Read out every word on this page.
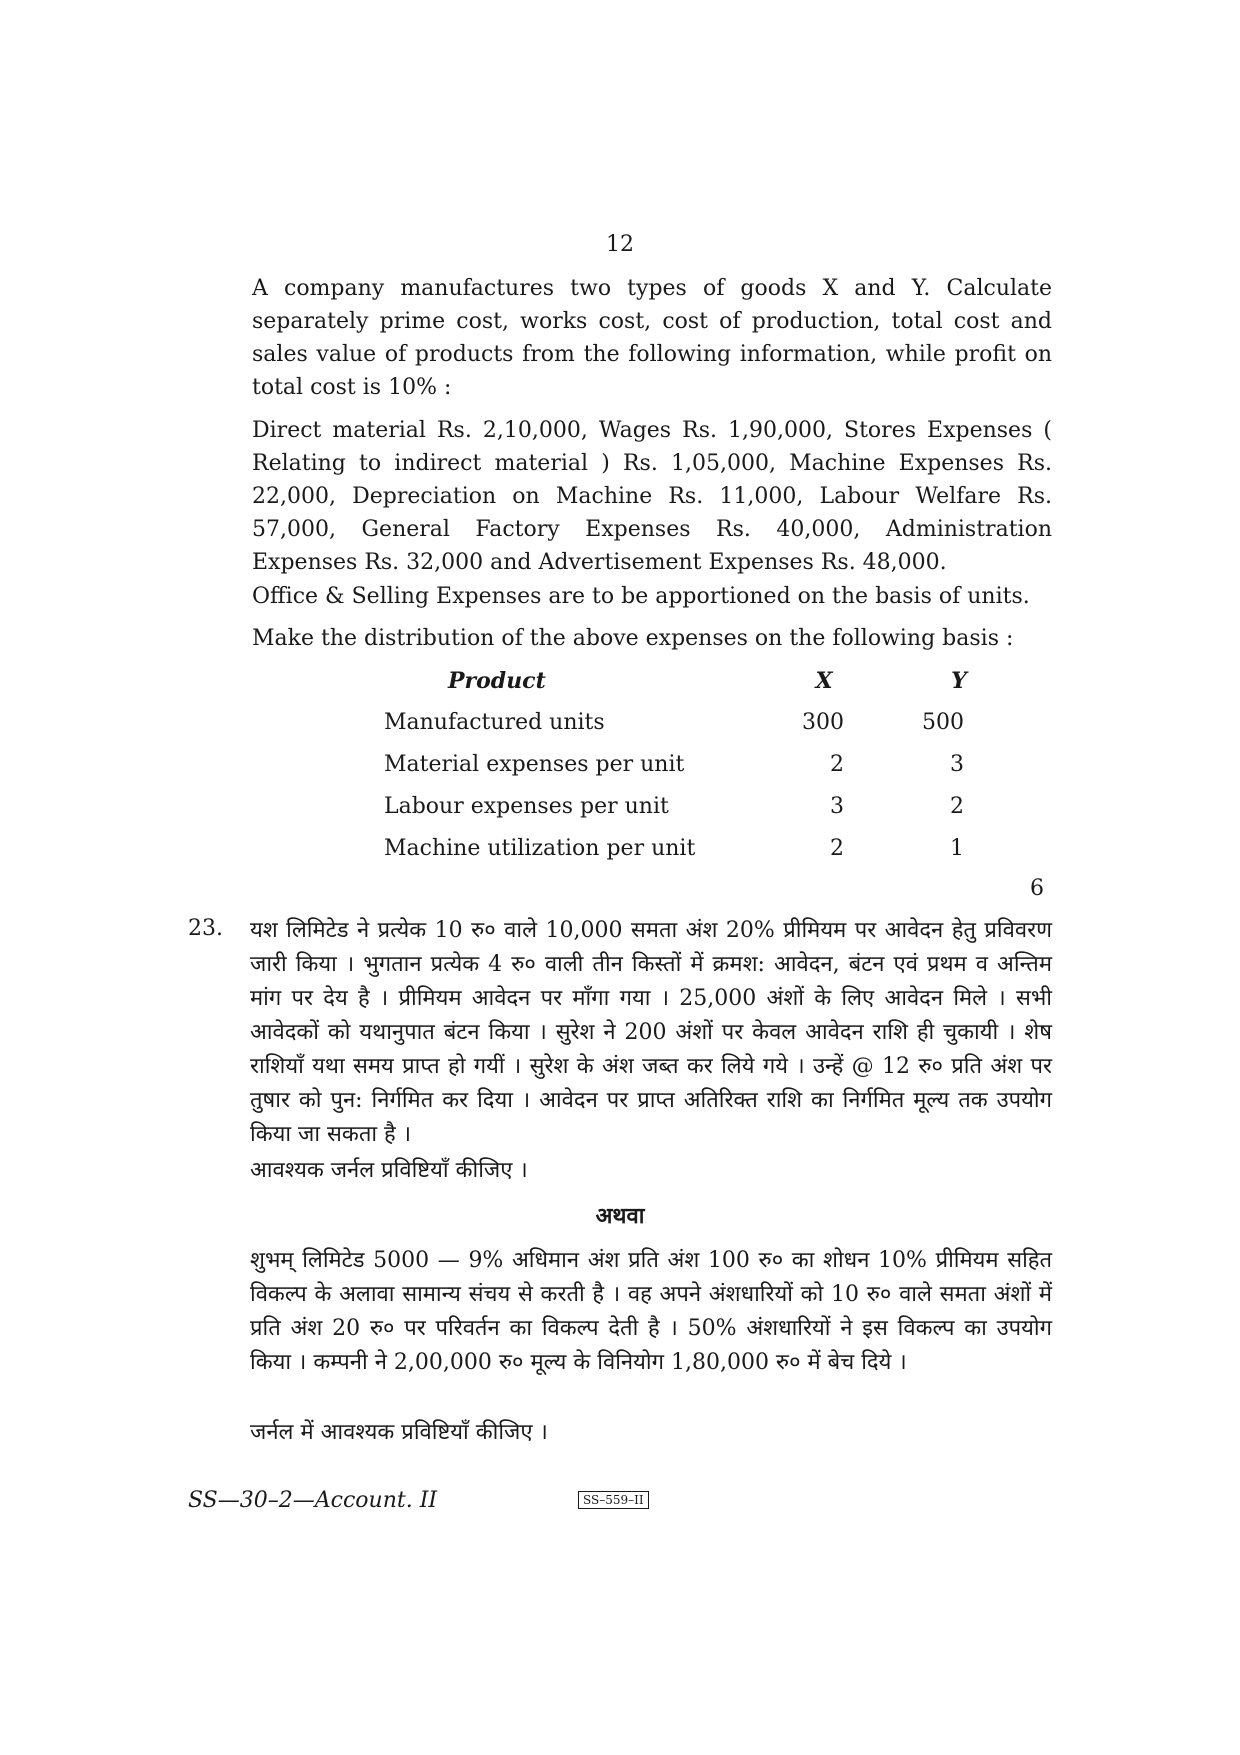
12

A company manufactures two types of goods X and Y. Calculate separately prime cost, works cost, cost of production, total cost and sales value of products from the following information, while profit on total cost is 10% :

Direct material Rs. 2,10,000, Wages Rs. 1,90,000, Stores Expenses ( Relating to indirect material ) Rs. 1,05,000, Machine Expenses Rs. 22,000, Depreciation on Machine Rs. 11,000, Labour Welfare Rs. 57,000, General Factory Expenses Rs. 40,000, Administration Expenses Rs. 32,000 and Advertisement Expenses Rs. 48,000.

Office & Selling Expenses are to be apportioned on the basis of units.

Make the distribution of the above expenses on the following basis :

Product	X	Y
Manufactured units	300	500
Material expenses per unit	2	3
Labour expenses per unit	3	2
Machine utilization per unit	2	1
6
23. यश लिमिटेड ने प्रत्येक 10 रु० वाले 10,000 समता अंश 20% प्रीमियम पर आवेदन हेतु प्रविवरण जारी किया । भुगतान प्रत्येक 4 रु० वाली तीन किस्तों में क्रमश: आवेदन, बंटन एवं प्रथम व अन्तिम मांग पर देय है । प्रीमियम आवेदन पर माँगा गया । 25,000 अंशों के लिए आवेदन मिले । सभी आवेदकों को यथानुपात बंटन किया । सुरेश ने 200 अंशों पर केवल आवेदन राशि ही चुकायी । शेष राशियाँ यथा समय प्राप्त हो गयीं । सुरेश के अंश जब्त कर लिये गये । उन्हें @ 12 रु० प्रति अंश पर तुषार को पुन: निर्गमित कर दिया । आवेदन पर प्राप्त अतिरिक्त राशि का निर्गमित मूल्य तक उपयोग किया जा सकता है ।

आवश्यक जर्नल प्रविष्टियाँ कीजिए ।

अथवा

शुभम् लिमिटेड 5000 — 9% अधिमान अंश प्रति अंश 100 रु० का शोधन 10% प्रीमियम सहित विकल्प के अलावा सामान्य संचय से करती है । वह अपने अंशधारियों को 10 रु० वाले समता अंशों में प्रति अंश 20 रु० पर परिवर्तन का विकल्प देती है । 50% अंशधारियों ने इस विकल्प का उपयोग किया । कम्पनी ने 2,00,000 रु० मूल्य के विनियोग 1,80,000 रु० में बेच दिये ।

जर्नल में आवश्यक प्रविष्टियाँ कीजिए ।

SS—30–2—Account. II	SS–559–II
